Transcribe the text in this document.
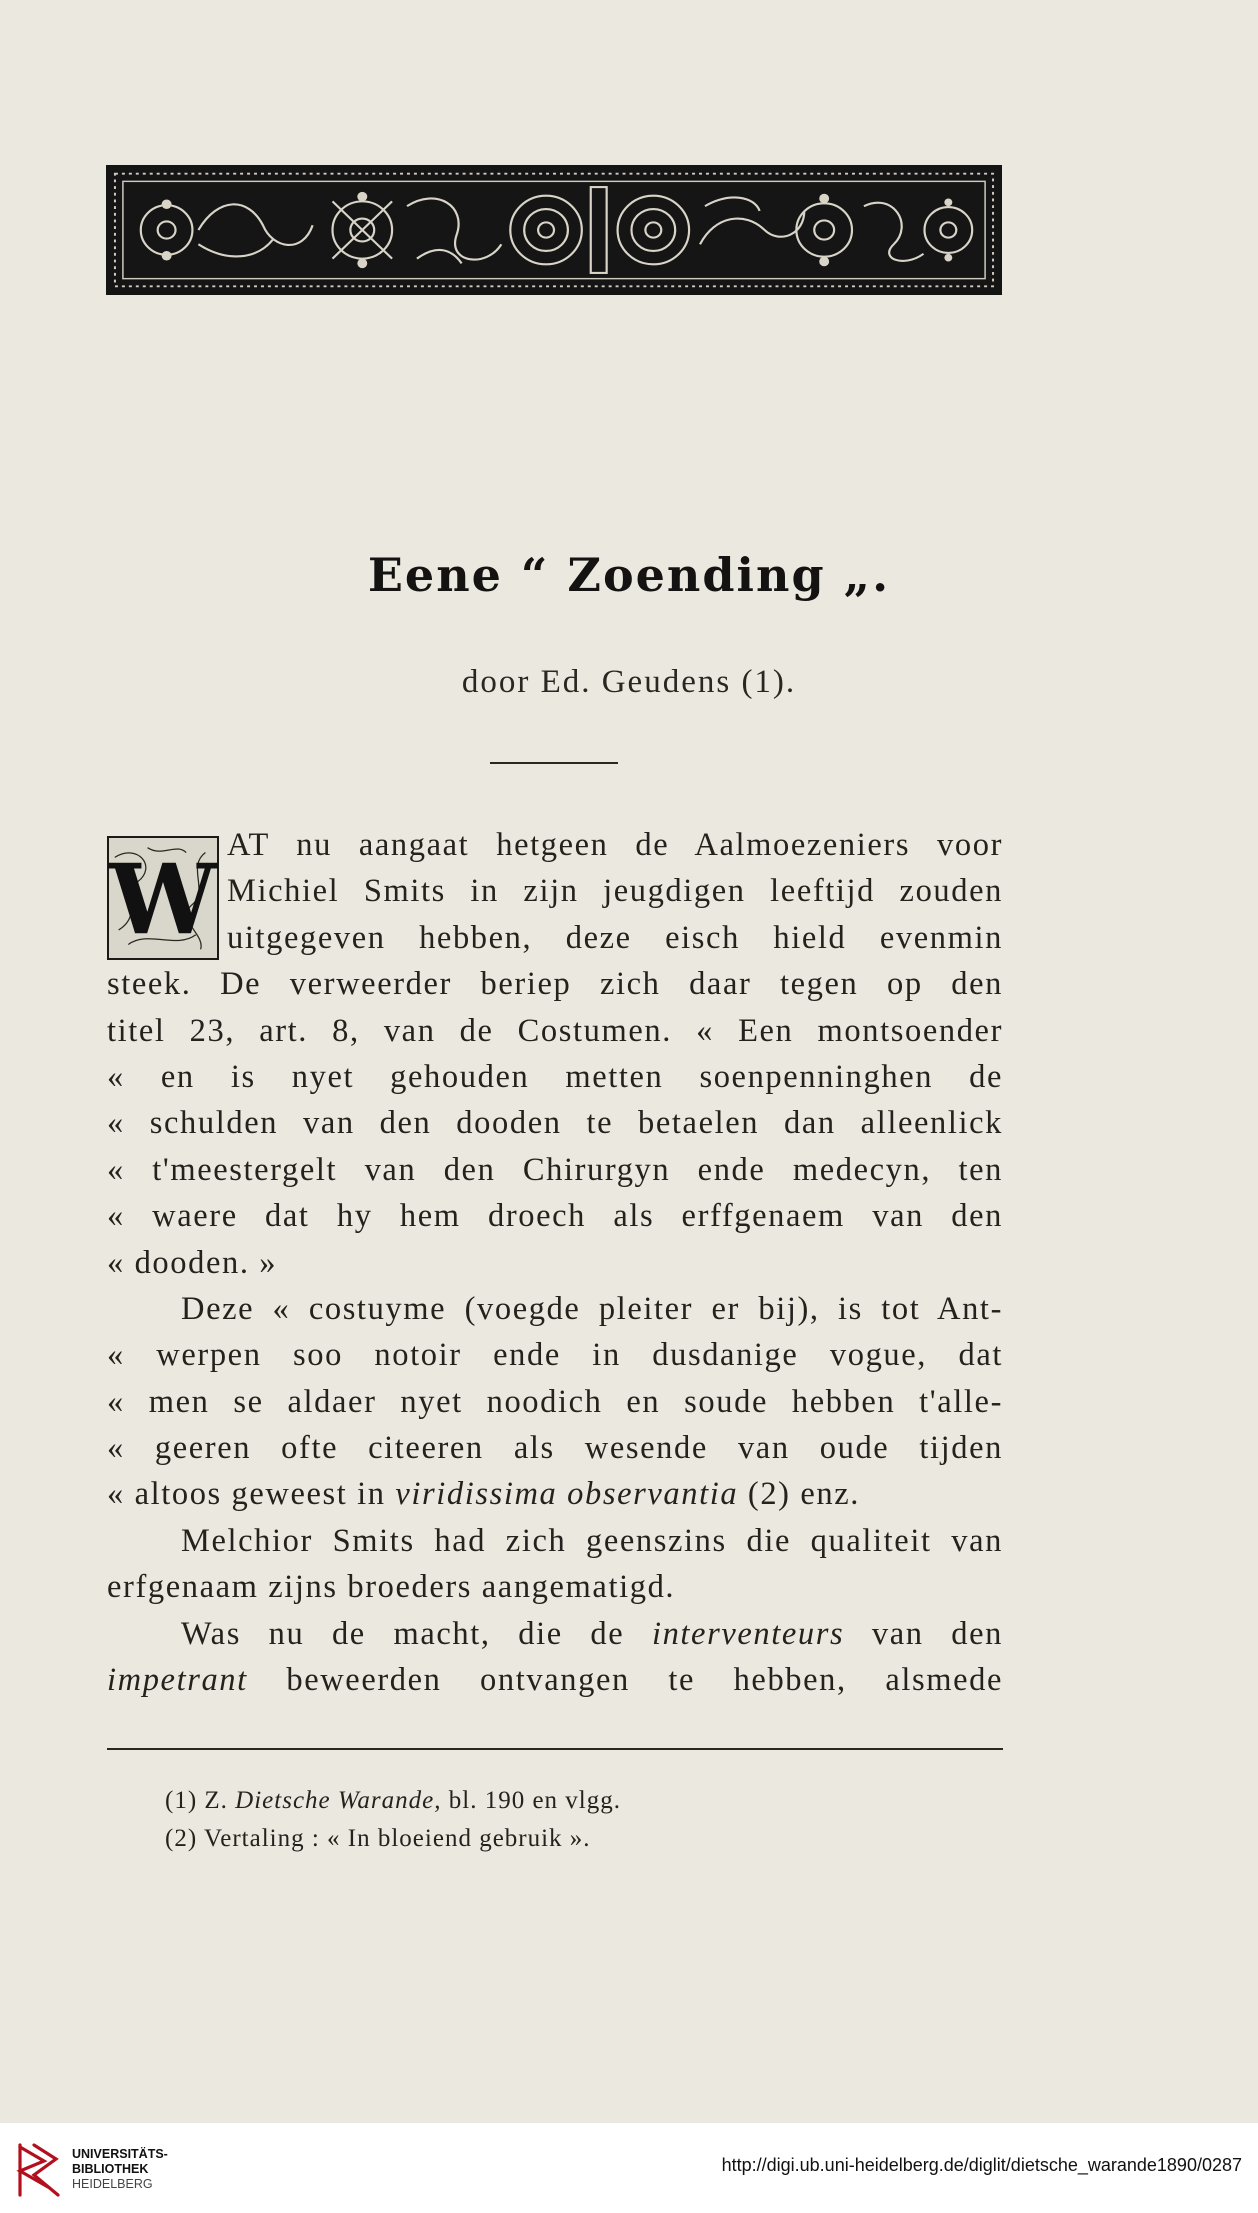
Eene “ Zoending „.
door Ed. Geudens (1).
W AT nu aangaat hetgeen de Aalmoezeniers voor
Michiel Smits in zijn jeugdigen leeftijd zouden
uitgegeven hebben, deze eisch hield evenmin
steek. De verweerder beriep zich daar tegen op den
titel 23, art. 8, van de Costumen. « Een montsoender
« en is nyet gehouden metten soenpenninghen de
« schulden van den dooden te betaelen dan alleenlick
« t'meestergelt van den Chirurgyn ende medecyn, ten
« waere dat hy hem droech als erffgenaem van den
« dooden. »
Deze « costuyme (voegde pleiter er bij), is tot Ant-
« werpen soo notoir ende in dusdanige vogue, dat
« men se aldaer nyet noodich en soude hebben t'alle-
« geeren ofte citeeren als wesende van oude tijden
« altoos geweest in viridissima observantia (2) enz.
Melchior Smits had zich geenszins die qualiteit van
erfgenaam zijns broeders aangematigd.
Was nu de macht, die de interventeurs van den
impetrant beweerden ontvangen te hebben, alsmede
(1) Z. Dietsche Warande, bl. 190 en vlgg.
(2) Vertaling : « In bloeiend gebruik ».
UNIVERSITÄTS-
BIBLIOTHEK
HEIDELBERG
http://digi.ub.uni-heidelberg.de/diglit/dietsche_warande1890/0287
